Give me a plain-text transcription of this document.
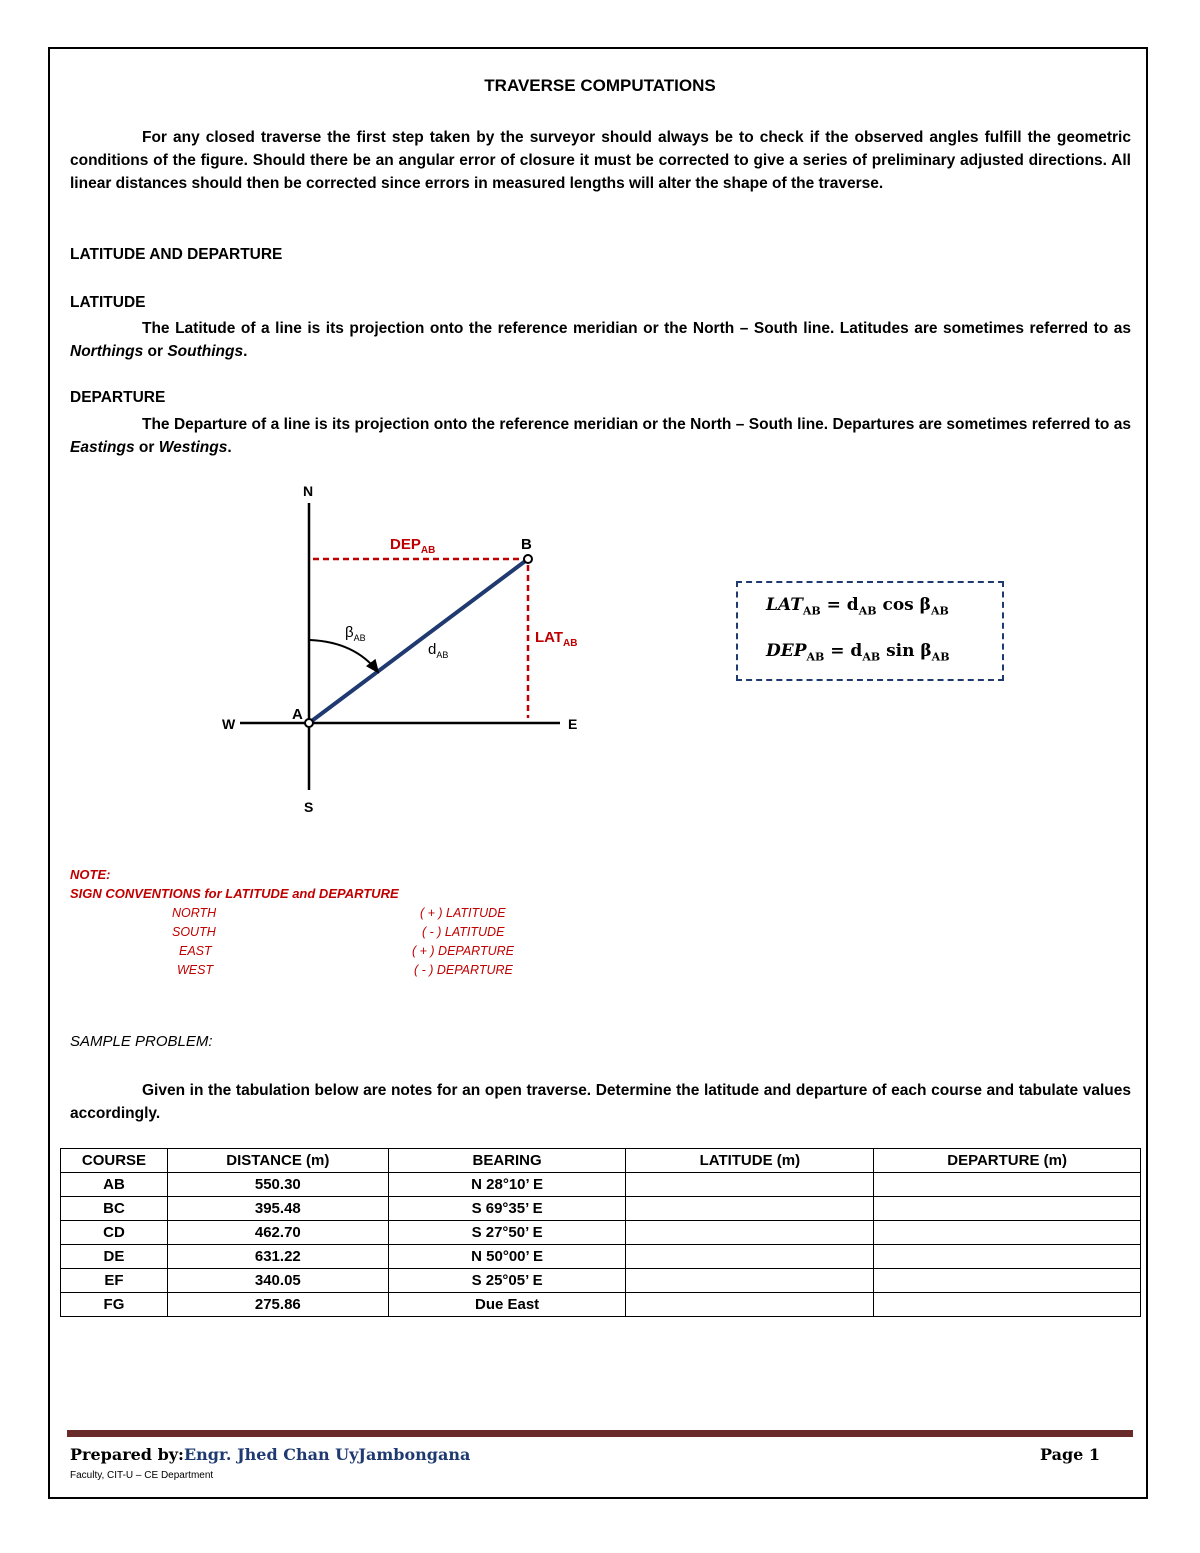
TRAVERSE COMPUTATIONS
For any closed traverse the first step taken by the surveyor should always be to check if the observed angles fulfill the geometric conditions of the figure. Should there be an angular error of closure it must be corrected to give a series of preliminary adjusted directions. All linear distances should then be corrected since errors in measured lengths will alter the shape of the traverse.
LATITUDE AND DEPARTURE
LATITUDE
The Latitude of a line is its projection onto the reference meridian or the North – South line. Latitudes are sometimes referred to as Northings or Southings.
DEPARTURE
The Departure of a line is its projection onto the reference meridian or the North – South line. Departures are sometimes referred to as Eastings or Westings.
N
S
E
W
A
B
$DEP_{AB}$
$LAT_{AB}$
$\beta_{AB}$
$d_{AB}$
$LAT_{AB} = d_{AB}$ $\cos \beta_{AB}$
$DEP_{AB} = d_{AB}$ $\sin \beta_{AB}$
NOTE:
SIGN CONVENTIONS for LATITUDE and DEPARTURE
NORTH	( + ) LATITUDE
SOUTH	( - ) LATITUDE
EAST	( + ) DEPARTURE
WEST	( - ) DEPARTURE
SAMPLE PROBLEM:
Given in the tabulation below are notes for an open traverse. Determine the latitude and departure of each course and tabulate values accordingly.
COURSE	DISTANCE (m)	BEARING	LATITUDE (m)	DEPARTURE (m)
AB	550.30	N 28°10’ E		
BC	395.48	S 69°35’ E		
CD	462.70	S 27°50’ E		
DE	631.22	N 50°00’ E		
EF	340.05	S 25°05’ E		
FG	275.86	Due East		
Prepared by:Engr. Jhed Chan UyJambongana
Faculty, CIT-U – CE Department
Page 1
